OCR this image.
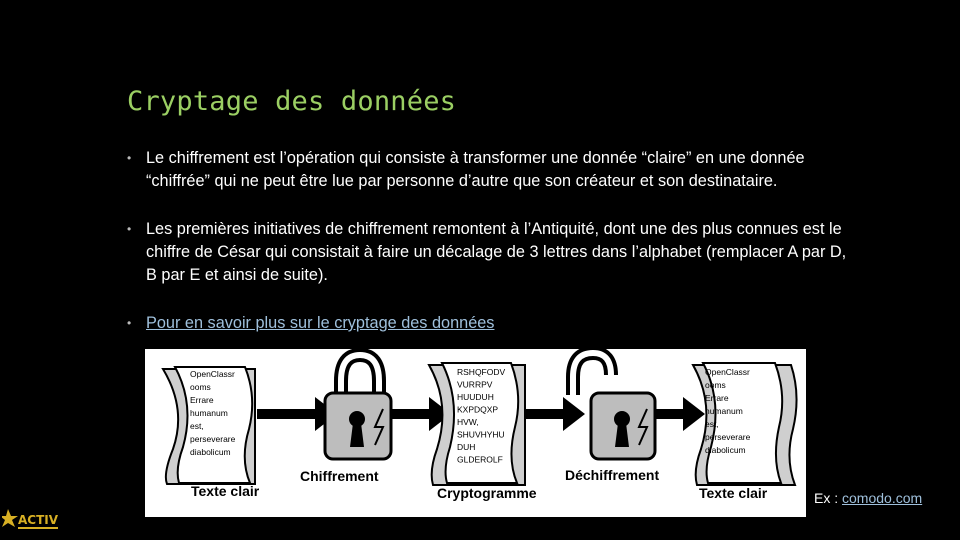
Cryptage des données
• Le chiffrement est l’opération qui consiste à transformer une donnée “claire” en une donnée “chiffrée” qui ne peut être lue par personne d’autre que son créateur et son destinataire.
• Les premières initiatives de chiffrement remontent à l’Antiquité, dont une des plus connues est le chiffre de César qui consistait à faire un décalage de 3 lettres dans l’alphabet (remplacer A par D, B par E et ainsi de suite).
• Pour en savoir plus sur le cryptage des données
OpenClassr
ooms
Errare
humanum
est,
perseverare
diabolicum
RSHQFODV
VURRPV
HUUDUH
KXPDQXP
HVW,
SHUVHYHU
DUH
GLDEROLF
OpenClassr
ooms
Errare
humanum
est,
perseverare
diabolicum
Texte clair
Chiffrement
Cryptogramme
Déchiffrement
Texte clair	Ex : comodo.com
ACTIV
